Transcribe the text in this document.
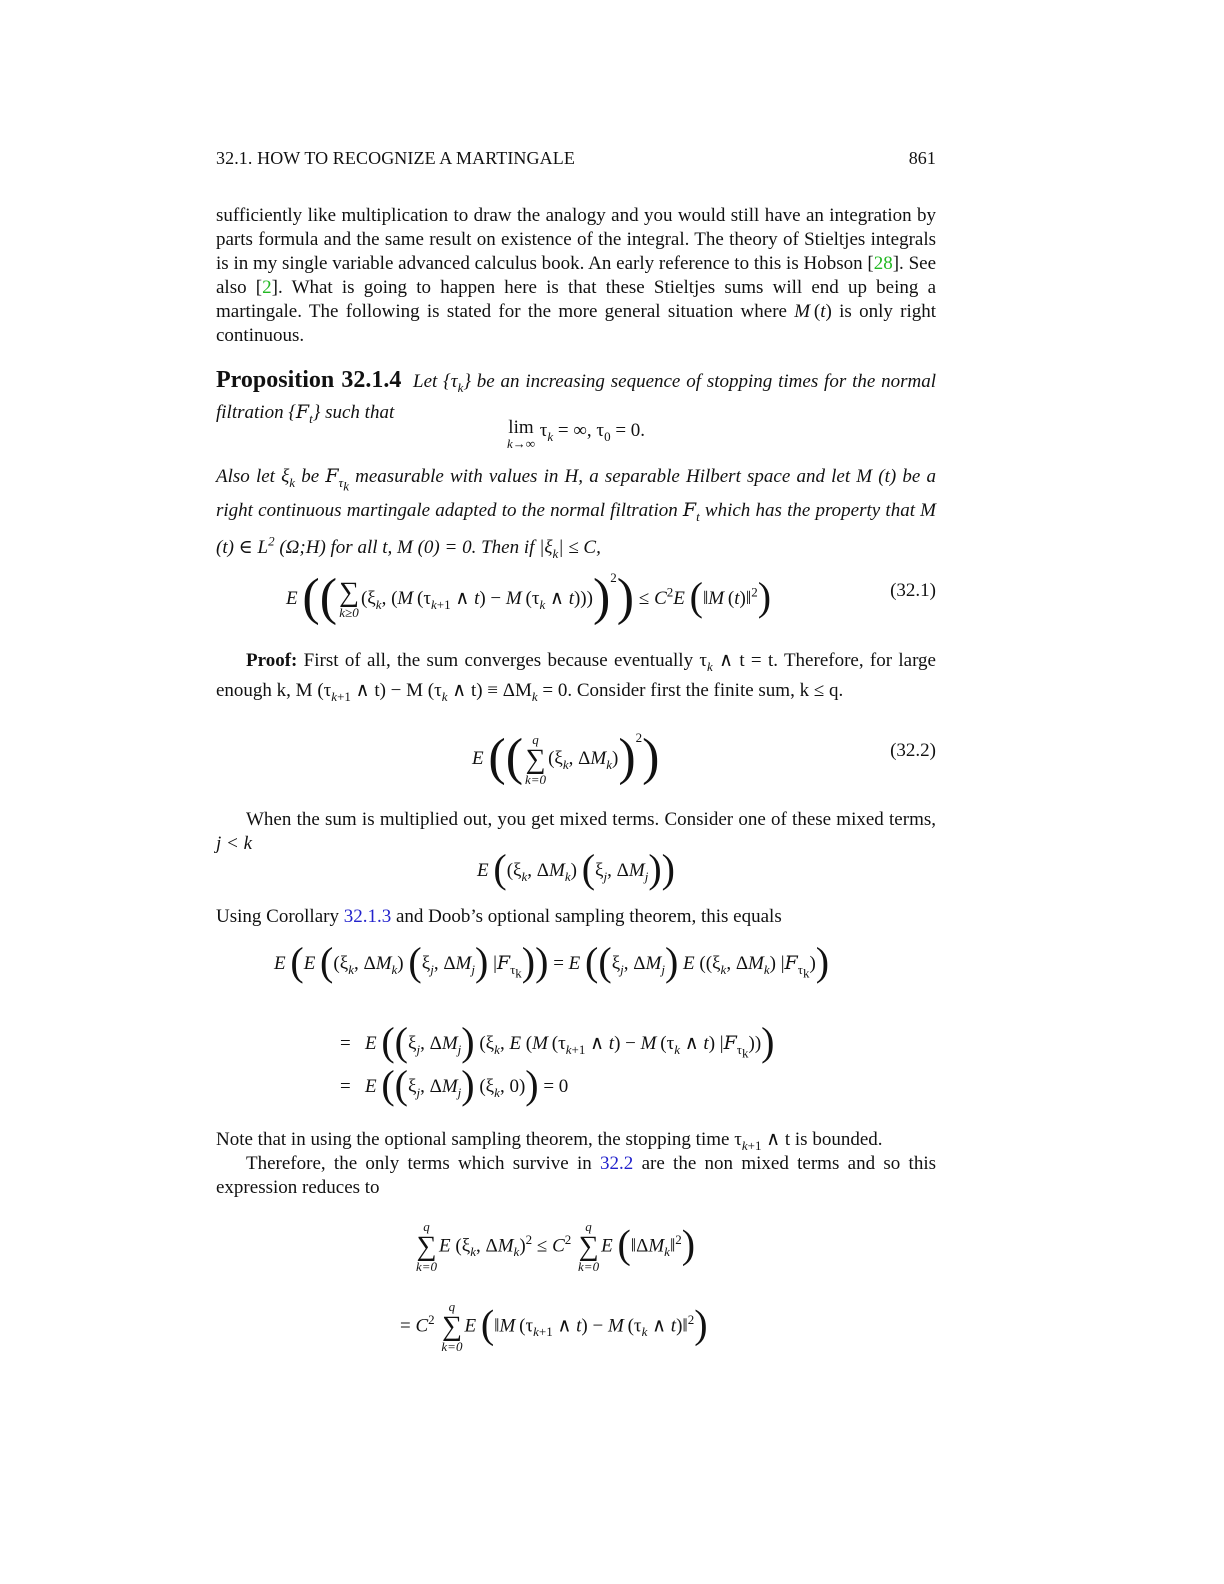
32.1. HOW TO RECOGNIZE A MARTINGALE	861
sufficiently like multiplication to draw the analogy and you would still have an integration by parts formula and the same result on existence of the integral. The theory of Stieltjes integrals is in my single variable advanced calculus book. An early reference to this is Hobson [28]. See also [2]. What is going to happen here is that these Stieltjes sums will end up being a martingale. The following is stated for the more general situation where M (t) is only right continuous.
Proposition 32.1.4 Let $\{\tau_k\}$ be an increasing sequence of stopping times for the normal filtration $\{F_t\}$ such that
lim
k→∞
$\tau_k$ = ∞, $\tau_0 = 0$.
Also let $\xi_k$ be $F_{\tau_k}$ measurable with values in H, a separable Hilbert space and let M (t) be a right continuous martingale adapted to the normal filtration $F_t$ which has the property that M (t) ∈ $L^2$ (Ω;H) for all t, M (0) = 0. Then if $|\xi_k| \le C$,
E (( ∑
k≥0
($\xi_k$, (M ($\tau_{k+1}$ ∧ t) − M ($\tau_k$ ∧ $t))))^2) \le C^2E$ (‖M (t)‖$^2$)	(32.1)
Proof: First of all, the sum converges because eventually $\tau_k$ ∧ t = t. Therefore, for large enough k, M ($\tau_{k+1}$ ∧ t) − M ($\tau_k$ ∧ $t) \equiv \Delta M_k = 0$. Consider first the finite sum, k ≤ q.
E (( q
∑
k=0
($\xi_k$, $\Delta M_k))^2$)	(32.2)
When the sum is multiplied out, you get mixed terms. Consider one of these mixed terms, j < k
E (($\xi_k$, $\Delta M_k$) ($\xi_j$, $\Delta M_j$))
Using Corollary 32.1.3 and Doob’s optional sampling theorem, this equals
E (E (($\xi_k$, $\Delta M_k$) ($\xi_j$, $\Delta M_j$) $|F_{\tau_k})) = E$ (($\xi_j$, $\Delta M_j$) E (($\xi_k$, $\Delta M_k$) $|F_{\tau_k}$))
=   E (($\xi_j$, $\Delta M_j$) ($\xi_k$, E (M ($\tau_{k+1}$ ∧ t) − M ($\tau_k$ ∧ t) $|F_{\tau_k}$)))
=   E (($\xi_j$, $\Delta M_j$) ($\xi_k$, 0)) = 0
Note that in using the optional sampling theorem, the stopping time $\tau_{k+1}$ ∧ t is bounded.
Therefore, the only terms which survive in 32.2 are the non mixed terms and so this expression reduces to
q
∑
k=0
E ($\xi_k$, $\Delta M_k)^2 \le C^2$
q
∑
k=0
E $(‖\Delta M_k‖^2)$
= $C^2$
q
∑
k=0
E (‖M ($\tau_{k+1}$ ∧ t) − M ($\tau_k$ ∧ t)‖$^2$)
